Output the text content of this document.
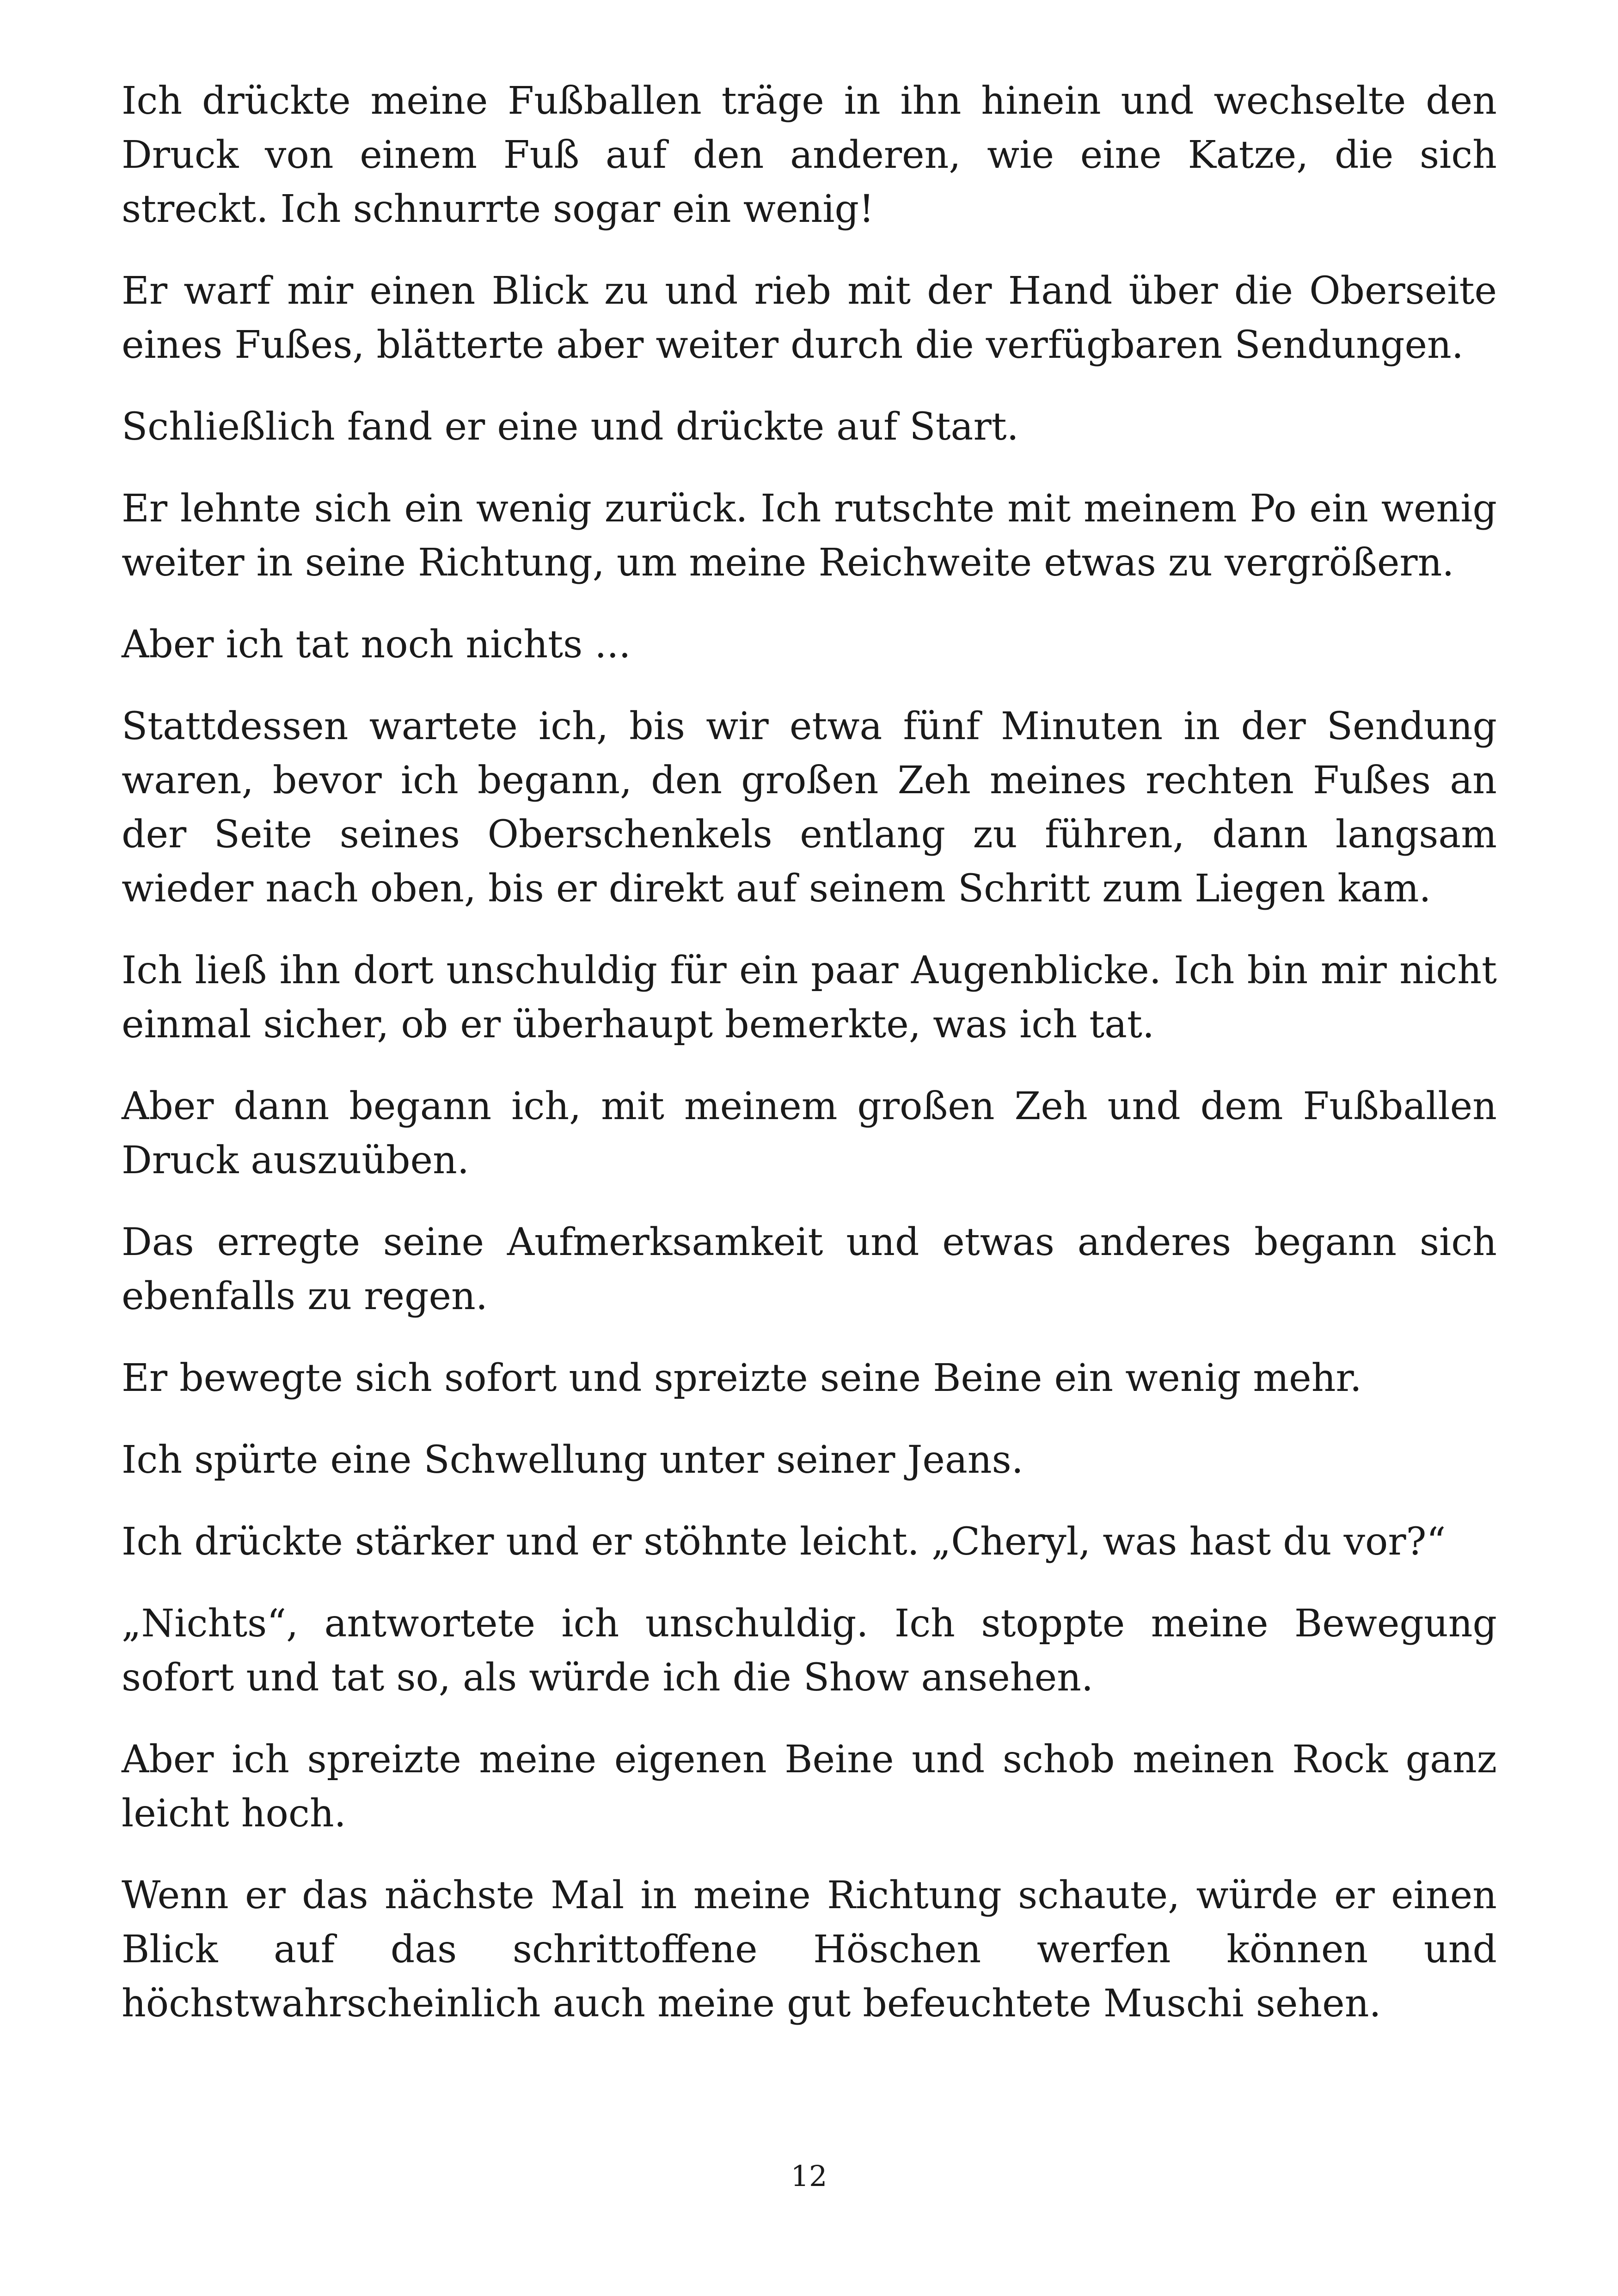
Ich drückte meine Fußballen träge in ihn hinein und wechselte den Druck von einem Fuß auf den anderen, wie eine Katze, die sich streckt. Ich schnurrte sogar ein wenig!

Er warf mir einen Blick zu und rieb mit der Hand über die Oberseite eines Fußes, blätterte aber weiter durch die verfügbaren Sendungen.

Schließlich fand er eine und drückte auf Start.

Er lehnte sich ein wenig zurück. Ich rutschte mit meinem Po ein wenig weiter in seine Richtung, um meine Reichweite etwas zu vergrößern.

Aber ich tat noch nichts ...

Stattdessen wartete ich, bis wir etwa fünf Minuten in der Sendung waren, bevor ich begann, den großen Zeh meines rechten Fußes an der Seite seines Oberschenkels entlang zu führen, dann langsam wieder nach oben, bis er direkt auf seinem Schritt zum Liegen kam.

Ich ließ ihn dort unschuldig für ein paar Augenblicke. Ich bin mir nicht einmal sicher, ob er überhaupt bemerkte, was ich tat.

Aber dann begann ich, mit meinem großen Zeh und dem Fußballen Druck auszuüben.

Das erregte seine Aufmerksamkeit und etwas anderes begann sich ebenfalls zu regen.

Er bewegte sich sofort und spreizte seine Beine ein wenig mehr.

Ich spürte eine Schwellung unter seiner Jeans.

Ich drückte stärker und er stöhnte leicht. „Cheryl, was hast du vor?“

„Nichts“, antwortete ich unschuldig. Ich stoppte meine Bewegung sofort und tat so, als würde ich die Show ansehen.

Aber ich spreizte meine eigenen Beine und schob meinen Rock ganz leicht hoch.

Wenn er das nächste Mal in meine Richtung schaute, würde er einen Blick auf das schrittoffene Höschen werfen können und höchstwahrscheinlich auch meine gut befeuchtete Muschi sehen.

12
